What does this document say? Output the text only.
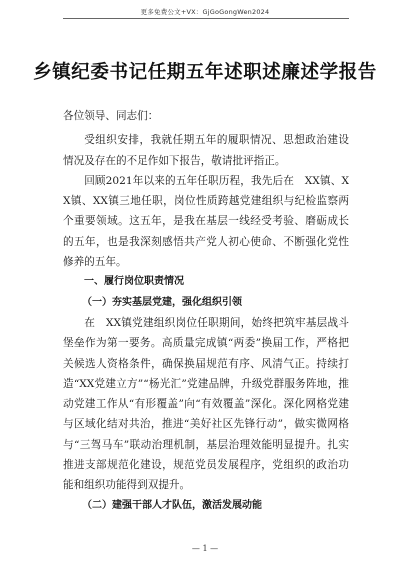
更多免费公文+VX：GjGoGongWen2024
乡镇纪委书记任期五年述职述廉述学报告

各位领导、同志们：

受组织安排，我就任期五年的履职情况、思想政治建设情况及存在的不足作如下报告，敬请批评指正。

回顾2021年以来的五年任职历程，我先后在　XX镇、XX镇、XX镇三地任职，岗位性质跨越党建组织与纪检监察两个重要领域。这五年，是我在基层一线经受考验、磨砺成长的五年，也是我深刻感悟共产党人初心使命、不断强化党性修养的五年。

一、履行岗位职责情况

（一）夯实基层党建，强化组织引领

在　XX镇党建组织岗位任职期间，始终把筑牢基层战斗堡垒作为第一要务。高质量完成镇“两委”换届工作，严格把关候选人资格条件，确保换届规范有序、风清气正。持续打造“XX党建立方”“杨光汇”党建品牌，升级党群服务阵地，推动党建工作从“有形覆盖”向“有效覆盖”深化。深化网格党建与区域化结对共治，推进“美好社区先锋行动”，做实微网格与“三驾马车”联动治理机制，基层治理效能明显提升。扎实推进支部规范化建设，规范党员发展程序，党组织的政治功能和组织功能得到双提升。

（二）建强干部人才队伍，激活发展动能

— 1 —
